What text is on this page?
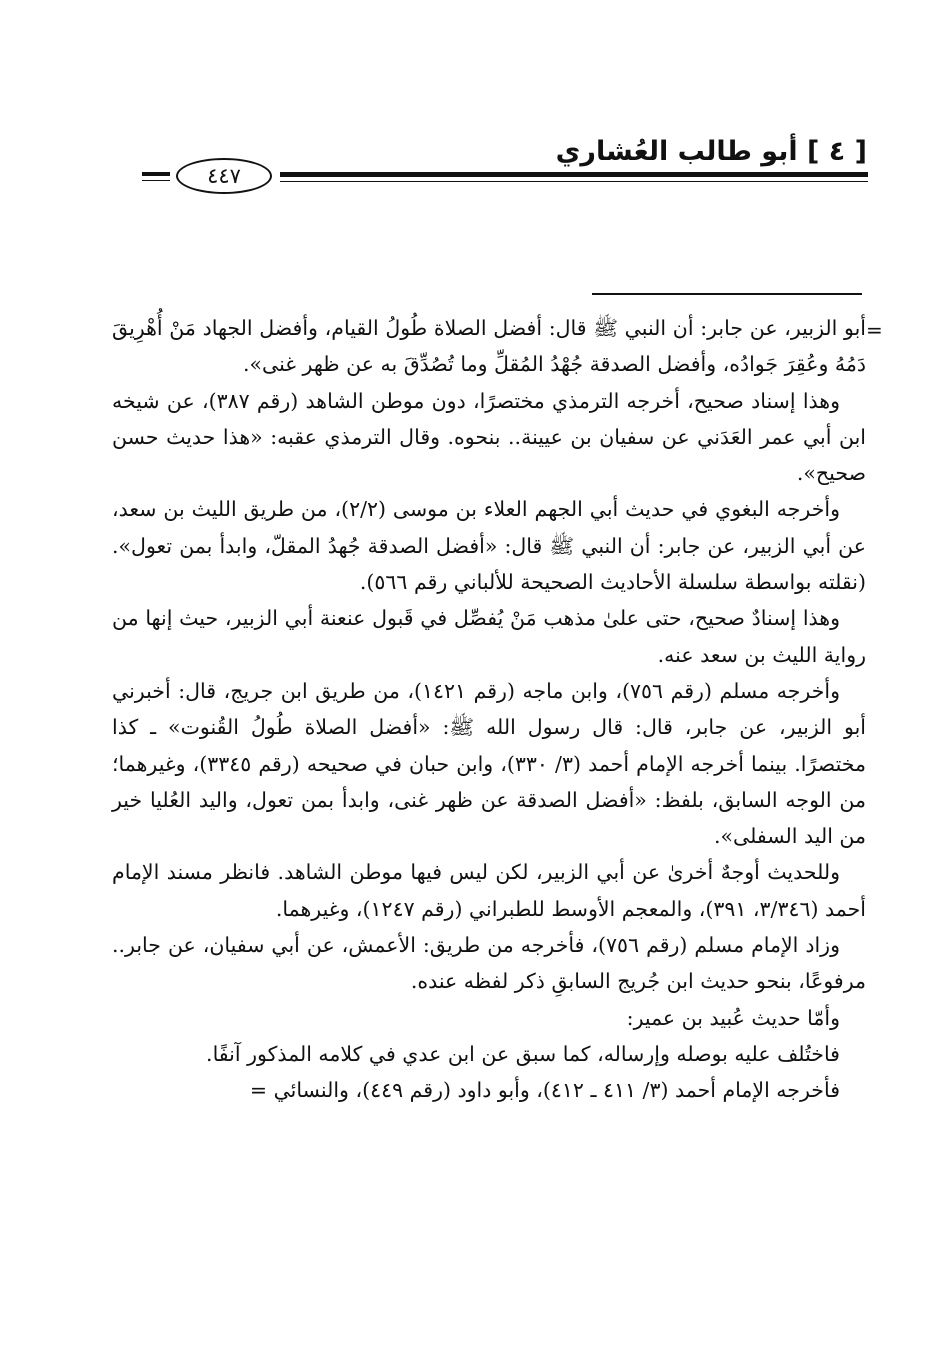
[ ٤ ] أبو طالب العُشاري
٤٤٧
=

أبو الزبير، عن جابر: أن النبي ﷺ قال: أفضل الصلاة طُولُ القيام، وأفضل الجهاد مَنْ أُهْرِيقَ دَمُهُ وعُقِرَ جَوادُه، وأفضل الصدقة جُهْدُ المُقلِّ وما تُصُدِّقَ به عن ظهر غنى».

وهذا إسناد صحيح، أخرجه الترمذي مختصرًا، دون موطن الشاهد (رقم ٣٨٧)، عن شيخه ابن أبي عمر العَدَني عن سفيان بن عيينة.. بنحوه. وقال الترمذي عقبه: «هذا حديث حسن صحيح».

وأخرجه البغوي في حديث أبي الجهم العلاء بن موسى (٢/٢)، من طريق الليث بن سعد، عن أبي الزبير، عن جابر: أن النبي ﷺ قال: «أفضل الصدقة جُهدُ المقلّ، وابدأ بمن تعول». (نقلته بواسطة سلسلة الأحاديث الصحيحة للألباني رقم ٥٦٦).

وهذا إسنادٌ صحيح، حتى علىٰ مذهب مَنْ يُفصِّل في قَبول عنعنة أبي الزبير، حيث إنها من رواية الليث بن سعد عنه.

وأخرجه مسلم (رقم ٧٥٦)، وابن ماجه (رقم ١٤٢١)، من طريق ابن جريج، قال: أخبرني أبو الزبير، عن جابر، قال: قال رسول الله ﷺ: «أفضل الصلاة طُولُ القُنوت» ـ كذا مختصرًا. بينما أخرجه الإمام أحمد (٣/ ٣٣٠)، وابن حبان في صحيحه (رقم ٣٣٤٥)، وغيرهما؛ من الوجه السابق، بلفظ: «أفضل الصدقة عن ظهر غنى، وابدأ بمن تعول، واليد العُليا خير من اليد السفلى».

وللحديث أوجهٌ أخرىٰ عن أبي الزبير، لكن ليس فيها موطن الشاهد. فانظر مسند الإمام أحمد (٣/٣٤٦، ٣٩١)، والمعجم الأوسط للطبراني (رقم ١٢٤٧)، وغيرهما.

وزاد الإمام مسلم (رقم ٧٥٦)، فأخرجه من طريق: الأعمش، عن أبي سفيان، عن جابر.. مرفوعًا، بنحو حديث ابن جُريج السابقِ ذكر لفظه عنده.

وأمّا حديث عُبيد بن عمير:

فاختُلف عليه بوصله وإرساله، كما سبق عن ابن عدي في كلامه المذكور آنفًا.

فأخرجه الإمام أحمد (٣/ ٤١١ ـ ٤١٢)، وأبو داود (رقم ٤٤٩)، والنسائي =
